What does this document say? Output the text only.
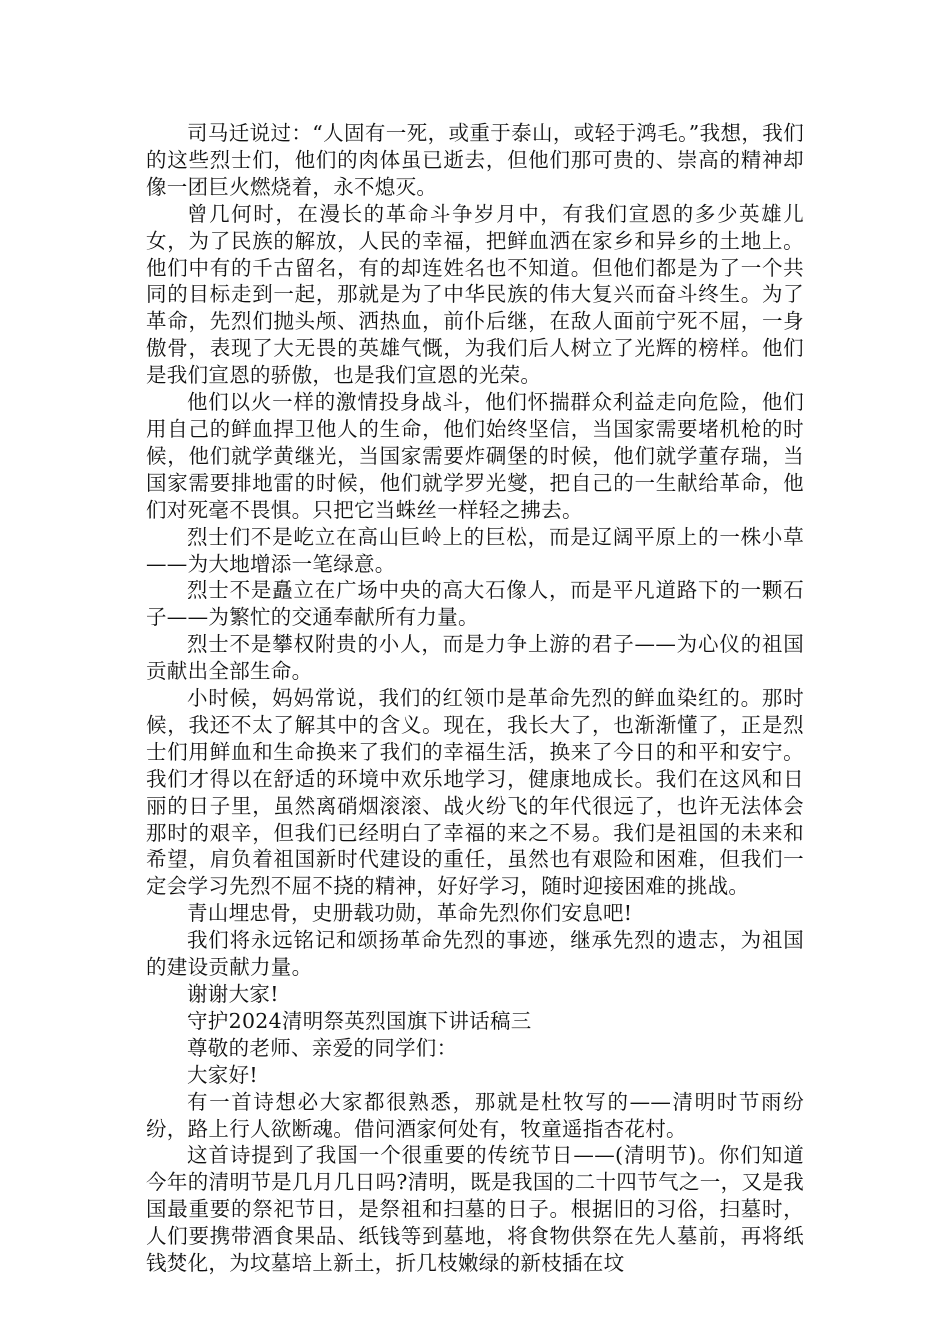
司马迁说过：“人固有一死，或重于泰山，或轻于鸿毛。”我想，我们的这些烈士们，他们的肉体虽已逝去，但他们那可贵的、崇高的精神却像一团巨火燃烧着，永不熄灭。

曾几何时，在漫长的革命斗争岁月中，有我们宣恩的多少英雄儿女，为了民族的解放，人民的幸福，把鲜血洒在家乡和异乡的土地上。他们中有的千古留名，有的却连姓名也不知道。但他们都是为了一个共同的目标走到一起，那就是为了中华民族的伟大复兴而奋斗终生。为了革命，先烈们抛头颅、洒热血，前仆后继，在敌人面前宁死不屈，一身傲骨，表现了大无畏的英雄气慨，为我们后人树立了光辉的榜样。他们是我们宣恩的骄傲，也是我们宣恩的光荣。

他们以火一样的激情投身战斗，他们怀揣群众利益走向危险，他们用自己的鲜血捍卫他人的生命，他们始终坚信，当国家需要堵机枪的时候，他们就学黄继光，当国家需要炸碉堡的时候，他们就学董存瑞，当国家需要排地雷的时候，他们就学罗光燮，把自己的一生献给革命，他们对死毫不畏惧。只把它当蛛丝一样轻之拂去。

烈士们不是屹立在高山巨岭上的巨松，而是辽阔平原上的一株小草——为大地增添一笔绿意。

烈士不是矗立在广场中央的高大石像人，而是平凡道路下的一颗石子——为繁忙的交通奉献所有力量。

烈士不是攀权附贵的小人，而是力争上游的君子——为心仪的祖国贡献出全部生命。

小时候，妈妈常说，我们的红领巾是革命先烈的鲜血染红的。那时候，我还不太了解其中的含义。现在，我长大了，也渐渐懂了，正是烈士们用鲜血和生命换来了我们的幸福生活，换来了今日的和平和安宁。我们才得以在舒适的环境中欢乐地学习，健康地成长。我们在这风和日丽的日子里，虽然离硝烟滚滚、战火纷飞的年代很远了，也许无法体会那时的艰辛，但我们已经明白了幸福的来之不易。我们是祖国的未来和希望，肩负着祖国新时代建设的重任，虽然也有艰险和困难，但我们一定会学习先烈不屈不挠的精神，好好学习，随时迎接困难的挑战。

青山埋忠骨，史册载功勋，革命先烈你们安息吧!

我们将永远铭记和颂扬革命先烈的事迹，继承先烈的遗志，为祖国的建设贡献力量。

谢谢大家!

守护2024清明祭英烈国旗下讲话稿三

尊敬的老师、亲爱的同学们：

大家好!

有一首诗想必大家都很熟悉，那就是杜牧写的——清明时节雨纷纷，路上行人欲断魂。借问酒家何处有，牧童遥指杏花村。

这首诗提到了我国一个很重要的传统节日——(清明节)。你们知道今年的清明节是几月几日吗?清明，既是我国的二十四节气之一，又是我国最重要的祭祀节日，是祭祖和扫墓的日子。根据旧的习俗，扫墓时，人们要携带酒食果品、纸钱等到墓地，将食物供祭在先人墓前，再将纸钱焚化，为坟墓培上新土，折几枝嫩绿的新枝插在坟
